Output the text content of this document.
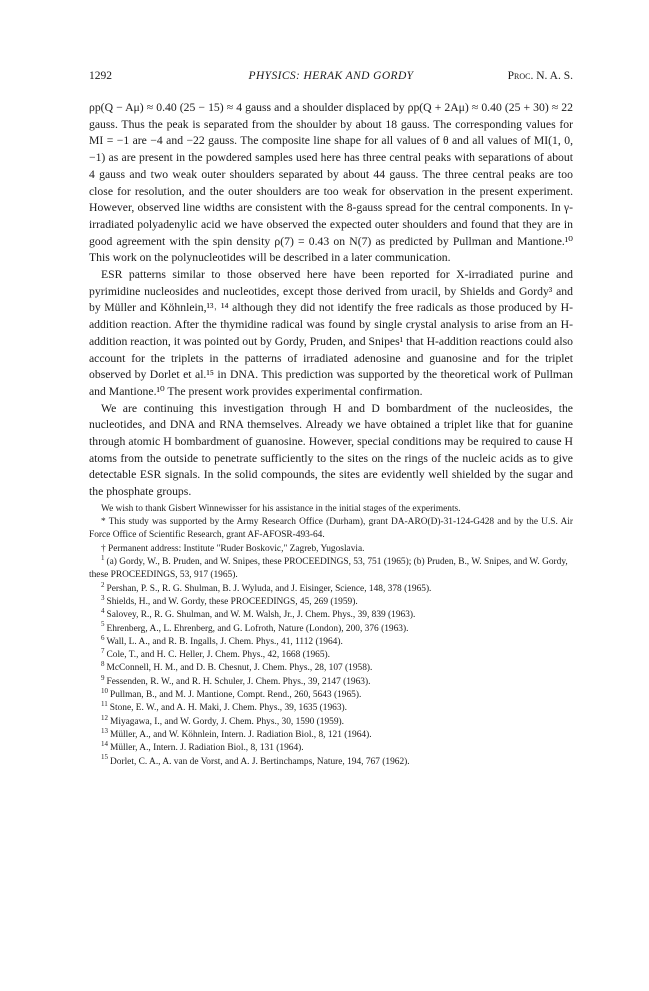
1292	PHYSICS: HERAK AND GORDY	Proc. N. A. S.

ρp(Q − Aμ) ≈ 0.40 (25 − 15) ≈ 4 gauss and a shoulder displaced by ρp(Q + 2Aμ) ≈ 0.40 (25 + 30) ≈ 22 gauss. Thus the peak is separated from the shoulder by about 18 gauss. The corresponding values for MI = −1 are −4 and −22 gauss. The composite line shape for all values of θ and all values of MI(1, 0, −1) as are present in the powdered samples used here has three central peaks with separations of about 4 gauss and two weak outer shoulders separated by about 44 gauss. The three central peaks are too close for resolution, and the outer shoulders are too weak for observation in the present experiment. However, observed line widths are consistent with the 8-gauss spread for the central components. In γ-irradiated polyadenylic acid we have observed the expected outer shoulders and found that they are in good agreement with the spin density ρ(7) = 0.43 on N(7) as predicted by Pullman and Mantione.¹⁰ This work on the polynucleotides will be described in a later communication.

ESR patterns similar to those observed here have been reported for X-irradiated purine and pyrimidine nucleosides and nucleotides, except those derived from uracil, by Shields and Gordy³ and by Müller and Köhnlein,¹³˒ ¹⁴ although they did not identify the free radicals as those produced by H-addition reaction. After the thymidine radical was found by single crystal analysis to arise from an H-addition reaction, it was pointed out by Gordy, Pruden, and Snipes¹ that H-addition reactions could also account for the triplets in the patterns of irradiated adenosine and guanosine and for the triplet observed by Dorlet et al.¹⁵ in DNA. This prediction was supported by the theoretical work of Pullman and Mantione.¹⁰ The present work provides experimental confirmation.

We are continuing this investigation through H and D bombardment of the nucleosides, the nucleotides, and DNA and RNA themselves. Already we have obtained a triplet like that for guanine through atomic H bombardment of guanosine. However, special conditions may be required to cause H atoms from the outside to penetrate sufficiently to the sites on the rings of the nucleic acids as to give detectable ESR signals. In the solid compounds, the sites are evidently well shielded by the sugar and the phosphate groups.

We wish to thank Gisbert Winnewisser for his assistance in the initial stages of the experiments.

* This study was supported by the Army Research Office (Durham), grant DA-ARO(D)-31-124-G428 and by the U.S. Air Force Office of Scientific Research, grant AF-AFOSR-493-64.

† Permanent address: Institute "Ruder Boskovic," Zagreb, Yugoslavia.

$^1$ (a) Gordy, W., B. Pruden, and W. Snipes, these PROCEEDINGS, 53, 751 (1965); (b) Pruden, B., W. Snipes, and W. Gordy, these PROCEEDINGS, 53, 917 (1965).
$^2$ Pershan, P. S., R. G. Shulman, B. J. Wyluda, and J. Eisinger, Science, 148, 378 (1965).
$^3$ Shields, H., and W. Gordy, these PROCEEDINGS, 45, 269 (1959).
$^4$ Salovey, R., R. G. Shulman, and W. M. Walsh, Jr., J. Chem. Phys., 39, 839 (1963).
$^5$ Ehrenberg, A., L. Ehrenberg, and G. Lofroth, Nature (London), 200, 376 (1963).
$^6$ Wall, L. A., and R. B. Ingalls, J. Chem. Phys., 41, 1112 (1964).
$^7$ Cole, T., and H. C. Heller, J. Chem. Phys., 42, 1668 (1965).
$^8$ McConnell, H. M., and D. B. Chesnut, J. Chem. Phys., 28, 107 (1958).
$^9$ Fessenden, R. W., and R. H. Schuler, J. Chem. Phys., 39, 2147 (1963).
$^{10}$ Pullman, B., and M. J. Mantione, Compt. Rend., 260, 5643 (1965).
$^{11}$ Stone, E. W., and A. H. Maki, J. Chem. Phys., 39, 1635 (1963).
$^{12}$ Miyagawa, I., and W. Gordy, J. Chem. Phys., 30, 1590 (1959).
$^{13}$ Müller, A., and W. Köhnlein, Intern. J. Radiation Biol., 8, 121 (1964).
$^{14}$ Müller, A., Intern. J. Radiation Biol., 8, 131 (1964).
$^{15}$ Dorlet, C. A., A. van de Vorst, and A. J. Bertinchamps, Nature, 194, 767 (1962).
